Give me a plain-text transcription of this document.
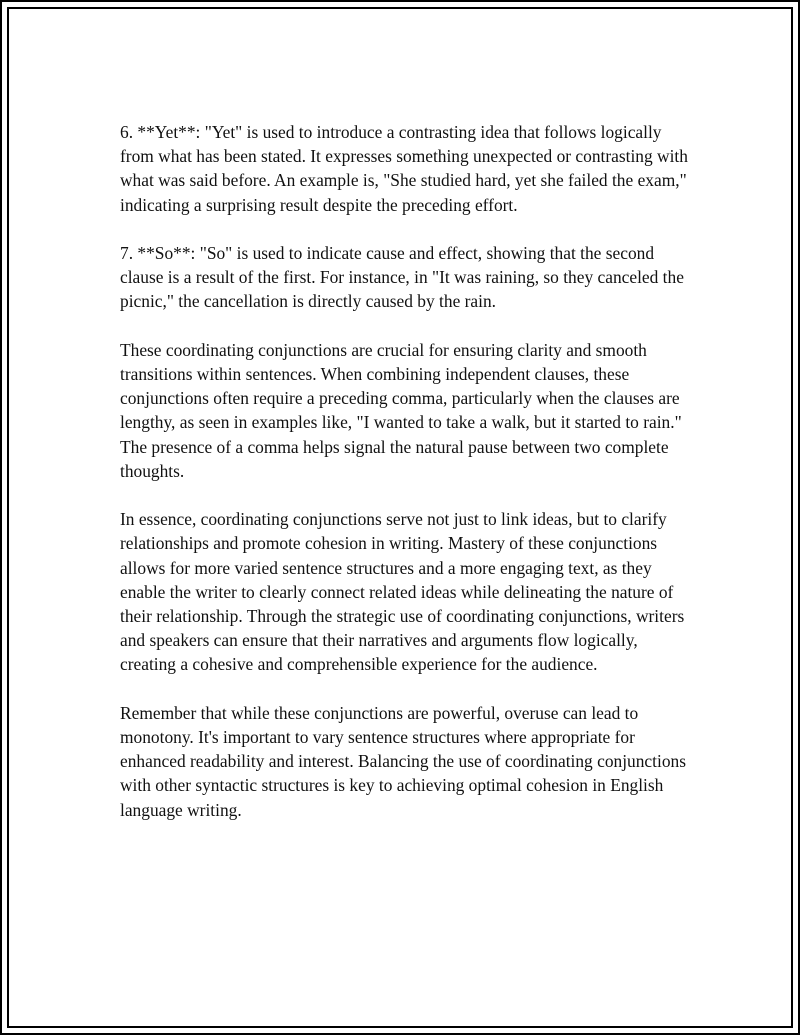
6. **Yet**: "Yet" is used to introduce a contrasting idea that follows logically from what has been stated. It expresses something unexpected or contrasting with what was said before. An example is, "She studied hard, yet she failed the exam," indicating a surprising result despite the preceding effort.

7. **So**: "So" is used to indicate cause and effect, showing that the second clause is a result of the first. For instance, in "It was raining, so they canceled the picnic," the cancellation is directly caused by the rain.

These coordinating conjunctions are crucial for ensuring clarity and smooth transitions within sentences. When combining independent clauses, these conjunctions often require a preceding comma, particularly when the clauses are lengthy, as seen in examples like, "I wanted to take a walk, but it started to rain." The presence of a comma helps signal the natural pause between two complete thoughts.

In essence, coordinating conjunctions serve not just to link ideas, but to clarify relationships and promote cohesion in writing. Mastery of these conjunctions allows for more varied sentence structures and a more engaging text, as they enable the writer to clearly connect related ideas while delineating the nature of their relationship. Through the strategic use of coordinating conjunctions, writers and speakers can ensure that their narratives and arguments flow logically, creating a cohesive and comprehensible experience for the audience.

Remember that while these conjunctions are powerful, overuse can lead to monotony. It's important to vary sentence structures where appropriate for enhanced readability and interest. Balancing the use of coordinating conjunctions with other syntactic structures is key to achieving optimal cohesion in English language writing.
